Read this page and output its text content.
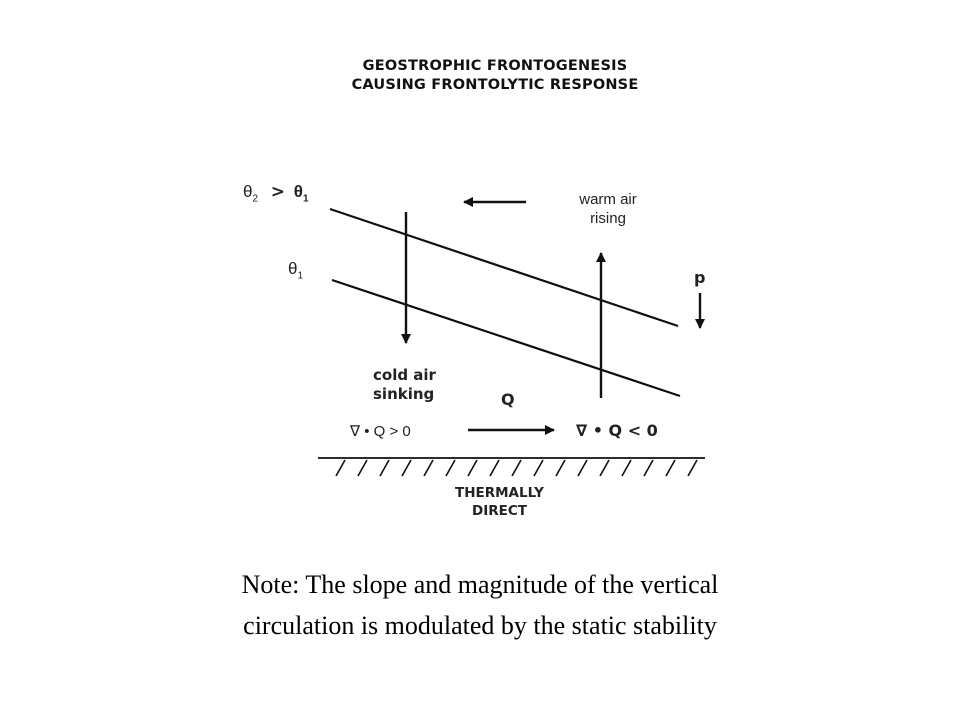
GEOSTROPHIC FRONTOGENESIS
CAUSING FRONTOLYTIC RESPONSE
$\theta_2 > \theta_1$
$\theta_1$
warm air
rising
cold air
sinking
p
Q
∇ • Q > 0	∇ • Q < 0
THERMALLY
DIRECT
Note: The slope and magnitude of the vertical
circulation is modulated by the static stability
